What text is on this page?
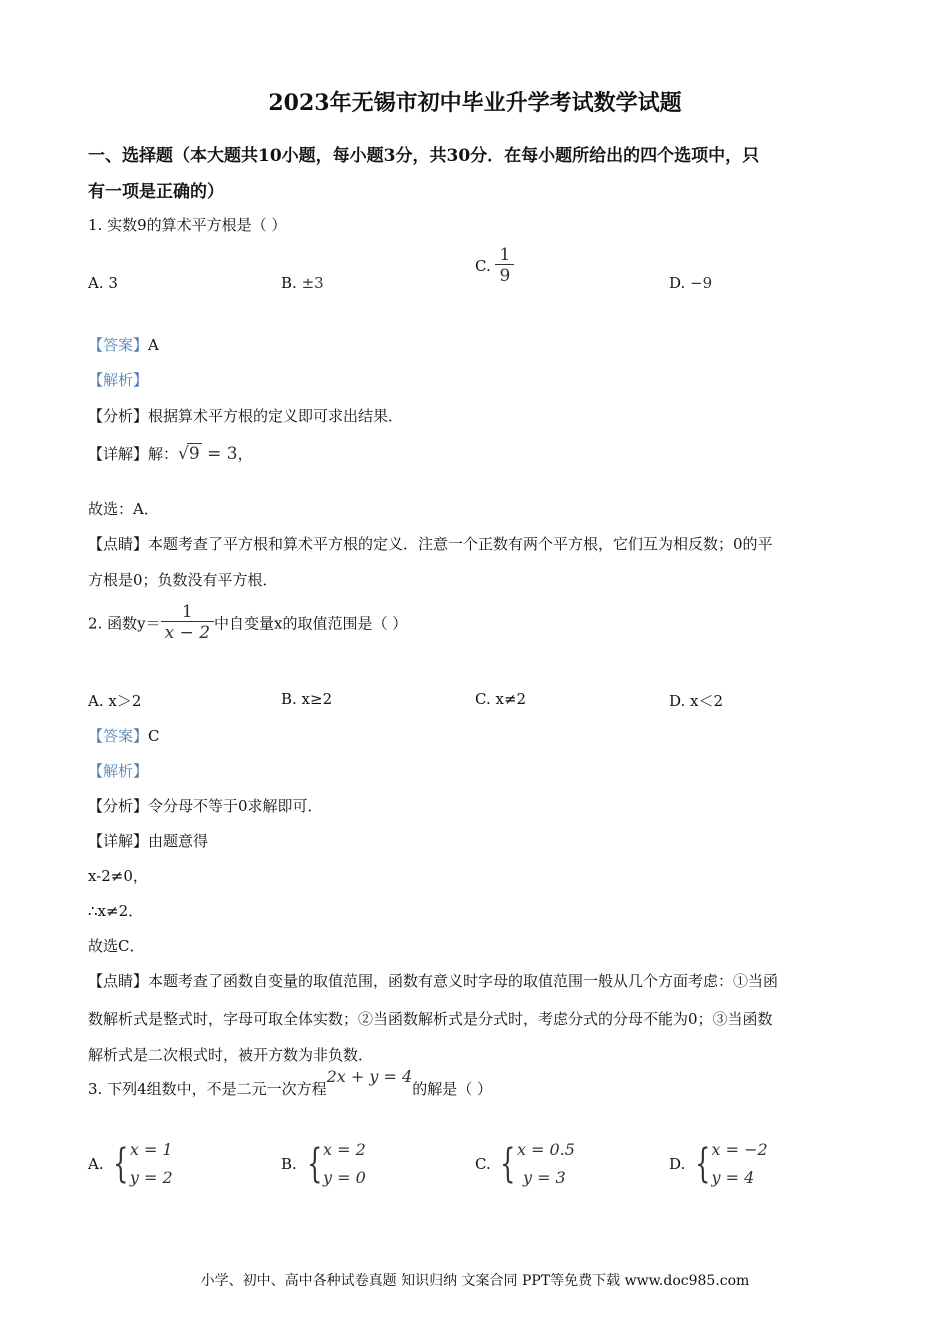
2023年无锡市初中毕业升学考试数学试题
一、选择题（本大题共10小题，每小题3分，共30分．在每小题所给出的四个选项中，只
有一项是正确的）
1. 实数9的算术平方根是（ ）
A. 3	B. ±3
C. $\frac{1}{9}$	D. −9
【答案】A
【解析】
【分析】根据算术平方根的定义即可求出结果．
【详解】解：√9 = 3，
故选：A．
【点睛】本题考查了平方根和算术平方根的定义．注意一个正数有两个平方根，它们互为相反数；0的平
方根是0；负数没有平方根．
2. 函数$y= \frac{1}{x - 2}$ 中自变量x的取值范围是（ ）
A. x＞2	B. x≥2	C. x≠2	D. x＜2
【答案】C
【解析】
【分析】令分母不等于0求解即可．
【详解】由题意得
x-2≠0，
∴x≠2．
故选C．
【点睛】本题考查了函数自变量的取值范围，函数有意义时字母的取值范围一般从几个方面考虑：①当函
数解析式是整式时，字母可取全体实数；②当函数解析式是分式时，考虑分式的分母不能为0；③当函数
解析式是二次根式时，被开方数为非负数．
3. 下列4组数中，不是二元一次方程2x + y = 4的解是（ ）
A. { x = 1
y = 2
B. { x = 2
y = 0
C. { x = 0.5
y = 3
D. { x = −2
y = 4
小学、初中、高中各种试卷真题 知识归纳 文案合同 PPT等免费下载 www.doc985.com
